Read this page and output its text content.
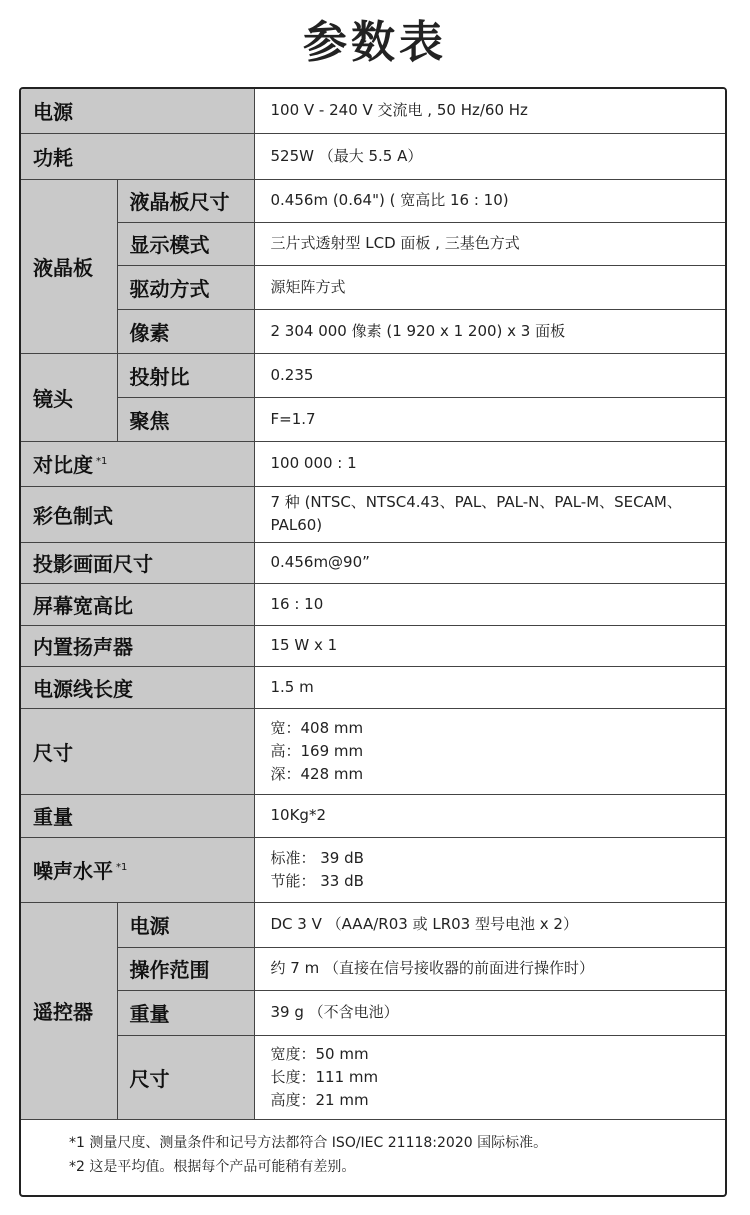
参数表
电源		100 V - 240 V 交流电 , 50 Hz/60 Hz
功耗		525W （最大 5.5 A）
液晶板	液晶板尺寸	0.456m (0.64") ( 宽高比 16 : 10)
	显示模式	三片式透射型 LCD 面板 , 三基色方式
	驱动方式	源矩阵方式
	像素	2 304 000 像素 (1 920 x 1 200) x 3 面板
镜头	投射比	0.235
	聚焦	F=1.7
对比度 $^{*1}$		100 000 : 1
彩色制式		7 种 (NTSC、NTSC4.43、PAL、PAL-N、PAL-M、SECAM、
PAL60)

投影画面尺寸		0.456m@90”
屏幕宽高比		16 : 10
内置扬声器		15 W x 1
电源线长度		1.5 m
尺寸		宽：408 mm
高：169 mm
深：428 mm

重量		10Kg*2
噪声水平 $^{*1}$		标准： 39 dB
节能： 33 dB

遥控器	电源	DC 3 V （AAA/R03 或 LR03 型号电池 x 2）
	操作范围	约 7 m （直接在信号接收器的前面进行操作时）
	重量	39 g （不含电池）
	尺寸	宽度：50 mm
长度：111 mm
高度：21 mm
*1 测量尺度、测量条件和记号方法都符合 ISO/IEC 21118:2020 国际标准。
*2 这是平均值。根据每个产品可能稍有差别。
